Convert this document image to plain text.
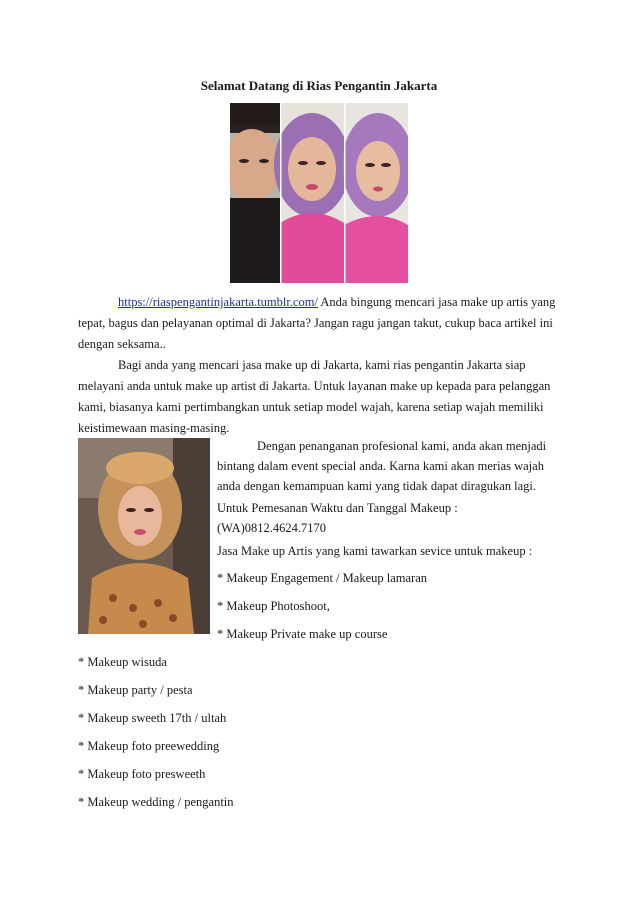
Selamat Datang di Rias Pengantin Jakarta

https://riaspengantinjakarta.tumblr.com/ Anda bingung mencari jasa make up artis yang tepat, bagus dan pelayanan optimal di Jakarta? Jangan ragu jangan takut, cukup baca artikel ini dengan seksama..

Bagi anda yang mencari jasa make up di Jakarta, kami rias pengantin Jakarta siap melayani anda untuk make up artist di Jakarta. Untuk layanan make up kepada para pelanggan kami, biasanya kami pertimbangkan untuk setiap model wajah, karena setiap wajah memiliki keistimewaan masing-masing.

Dengan penanganan profesional kami, anda akan menjadi bintang dalam event special anda. Karna kami akan merias wajah anda dengan kemampuan kami yang tidak dapat diragukan lagi.
Untuk Pemesanan Waktu dan Tanggal Makeup :
(WA)0812.4624.7170
Jasa Make up Artis yang kami tawarkan sevice untuk makeup :
* Makeup Engagement / Makeup lamaran
* Makeup Photoshoot,
* Makeup Private make up course
* Makeup wisuda
* Makeup party / pesta
* Makeup sweeth 17th / ultah
* Makeup foto preewedding
* Makeup foto presweeth
* Makeup wedding / pengantin
